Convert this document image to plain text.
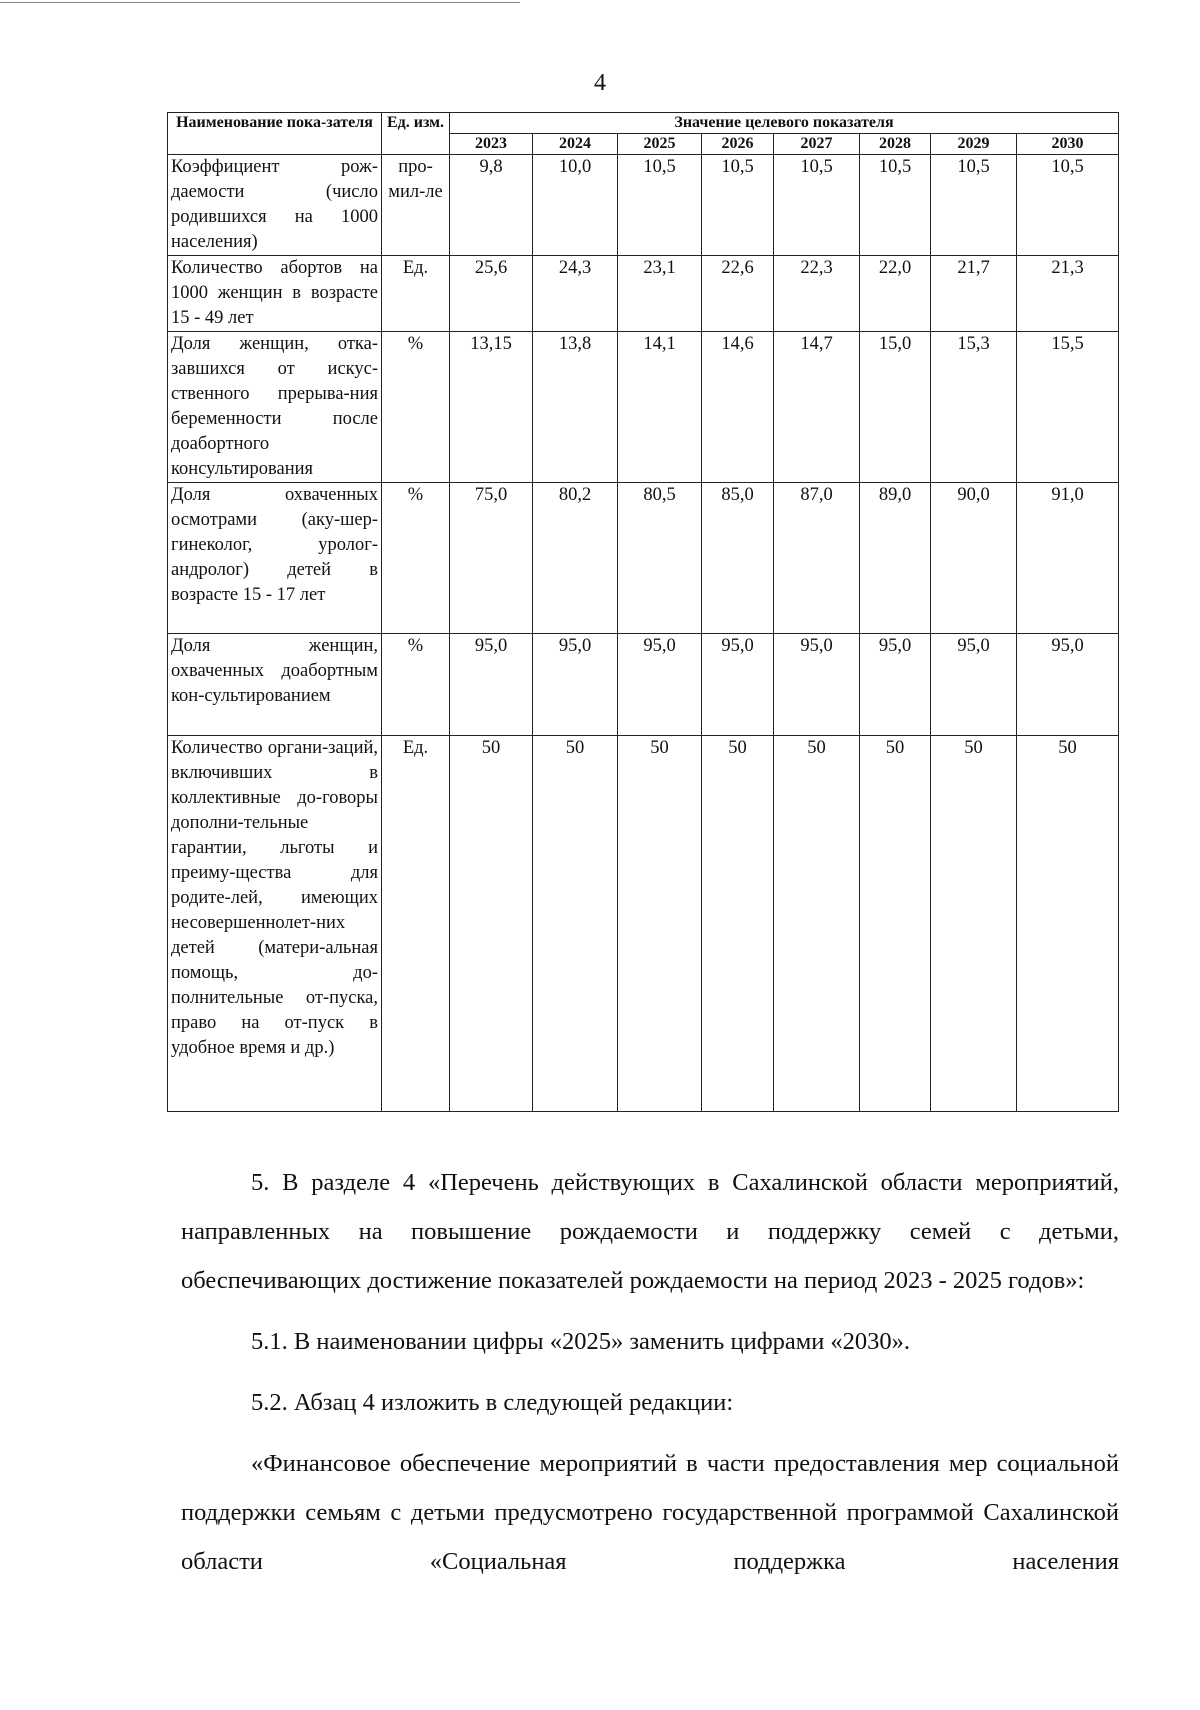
4
Наименование пока-зателя	Ед. изм.	Значение целевого показателя							
		2023	2024	2025	2026	2027	2028	2029	2030
Коэффициент рож-даемости (число родившихся на 1000 населения)	про-мил-ле	9,8	10,0	10,5	10,5	10,5	10,5	10,5	10,5
Количество абортов на 1000 женщин в возрасте 15 - 49 лет	Ед.	25,6	24,3	23,1	22,6	22,3	22,0	21,7	21,3
Доля женщин, отка-завшихся от искус-ственного прерыва-ния беременности после доабортного консультирования	%	13,15	13,8	14,1	14,6	14,7	15,0	15,3	15,5
Доля охваченных осмотрами (аку-шер-гинеколог, уролог-андролог) детей в возрасте 15 - 17 лет	%	75,0	80,2	80,5	85,0	87,0	89,0	90,0	91,0
Доля женщин, охваченных доабортным кон-сультированием	%	95,0	95,0	95,0	95,0	95,0	95,0	95,0	95,0
Количество органи-заций, включивших в коллективные до-говоры дополни-тельные гарантии, льготы и преиму-щества для родите-лей, имеющих несовершеннолет-них детей (матери-альная помощь, до-полнительные от-пуска, право на от-пуск в удобное время и др.)	Ед.	50	50	50	50	50	50	50	50

5. В разделе 4 «Перечень действующих в Сахалинской области мероприятий, направленных на повышение рождаемости и поддержку семей с детьми, обеспечивающих достижение показателей рождаемости на период 2023 - 2025 годов»:

5.1. В наименовании цифры «2025» заменить цифрами «2030».

5.2. Абзац 4 изложить в следующей редакции:

«Финансовое обеспечение мероприятий в части предоставления мер социальной поддержки семьям с детьми предусмотрено государственной программой Сахалинской области «Социальная поддержка населения
